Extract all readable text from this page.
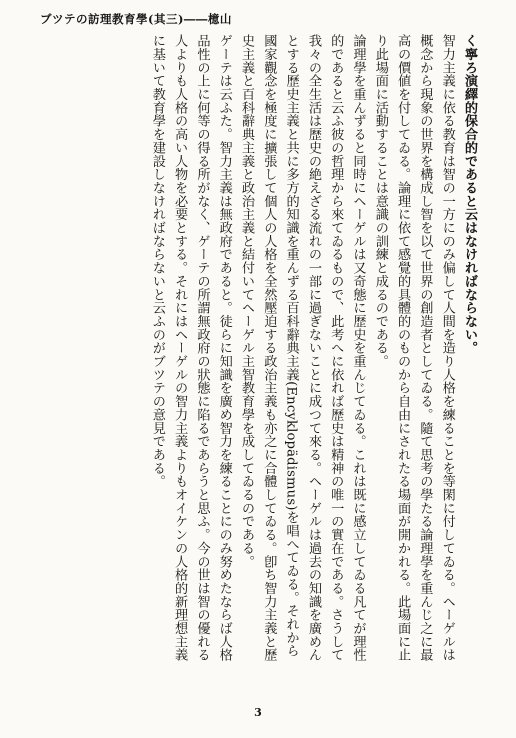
ブツテの訪理教育學(其三)――檍山

く寧ろ演繹的保合的であると云はなければならない。

智力主義に依る教育は智の一方にのみ偏して人間を造り人格を練ることを等閑に付してゐる。ヘーゲルは概念から現象の世界を構成し智を以て世界の創造者としてゐる。隨て思考の學たる論理學を重んじ之に最高の價値を付してゐる。論理に依て感覺的具體的のものから自由にされたる場面が開かれる。此場面に止り此場面に活動することは意識の訓練と成るのである。

論理學を重んずると同時にヘーゲルは又奇態に歷史を重んじてゐる。これは既に感立してゐる凡てが理性的であると云ふ彼の哲理から來てゐるもので、此考へに依れば歷史は精神の唯一の實在である。さうして我々の全生活は歷史の絶えざる流れの一部に過ぎないことに成つて來る。ヘーゲルは過去の知識を廣めんとする歷史主義と共に多方的知識を重んずる百科辭典主義(Encyklopädismus)を唱へてゐる。それから國家觀念を極度に擴張して個人の人格を全然壓迫する政治主義も亦之に合體してゐる。卽ち智力主義と歷史主義と百科辭典主義と政治主義と結付いてヘーゲル主智教育學を成してゐるのである。

ゲーテは云ふた。智力主義は無政府であると。徒らに知識を廣め智力を練ることにのみ努めたならば人格品性の上に何等の得る所がなく、ゲーテの所謂無政府の狀態に陷るであらうと思ふ。今の世は智の優れる人よりも人格の高い人物を必要とする。それにはヘーゲルの智力主義よりもオイケンの人格的新理想主義に基いて教育學を建設しなければならないと云ふのがブツテの意見である。

3
